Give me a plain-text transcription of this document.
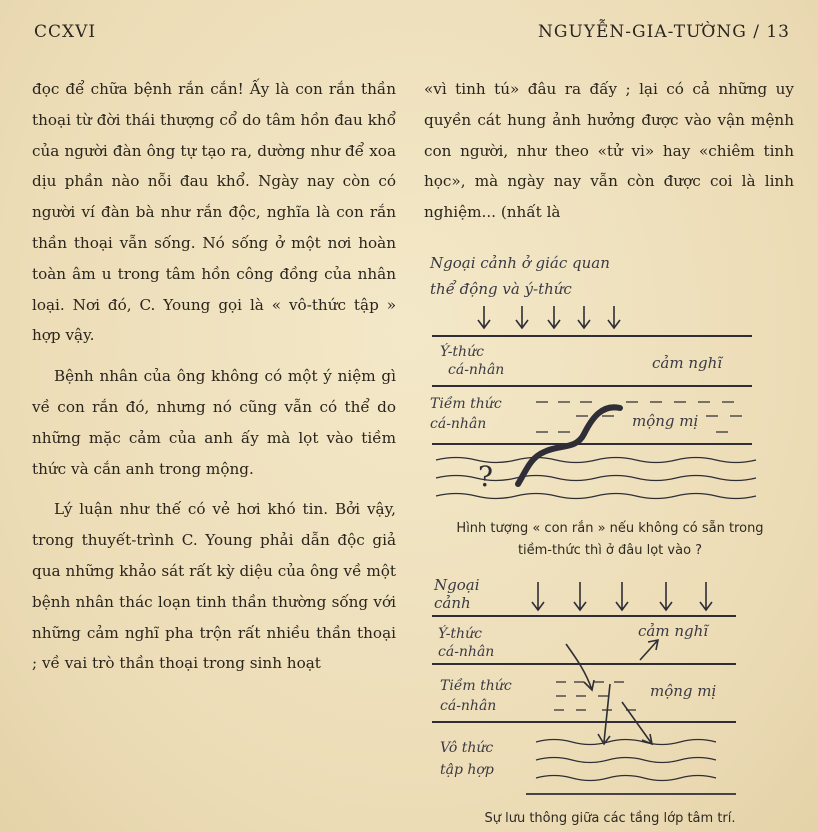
CCXVI	NGUYỄN-GIA-TƯỜNG / 13

đọc để chữa bệnh rắn cắn! Ấy là con rắn thần thoại từ đời thái thượng cổ do tâm hồn đau khổ của người đàn ông tự tạo ra, dường như để xoa dịu phần nào nỗi đau khổ. Ngày nay còn có người ví đàn bà như rắn độc, nghĩa là con rắn thần thoại vẫn sống. Nó sống ở một nơi hoàn toàn âm u trong tâm hồn công đồng của nhân loại. Nơi đó, C. Young gọi là « vô-thức tập » hợp vậy.

Bệnh nhân của ông không có một ý niệm gì về con rắn đó, nhưng nó cũng vẫn có thể do những mặc cảm của anh ấy mà lọt vào tiềm thức và cắn anh trong mộng.

Lý luận như thế có vẻ hơi khó tin. Bởi vậy, trong thuyết-trình C. Young phải dẫn độc giả qua những khảo sát rất kỳ diệu của ông về một bệnh nhân thác loạn tinh thần thường sống với những cảm nghĩ pha trộn rất nhiều thần thoại ; về vai trò thần thoại trong sinh hoạt

«vì tinh tú» đâu ra đấy ; lại có cả những uy quyền cát hung ảnh hưởng được vào vận mệnh con người, như theo «tử vi» hay «chiêm tinh học», mà ngày nay vẫn còn được coi là linh nghiệm... (nhất là

Ngoại cảnh ở giác quan
thể động và ý-thức
Ý-thức
cá-nhân	cảm nghĩ
Tiềm thức
cá-nhân	mộng mị
?
Hình tượng « con rắn » nếu không có sẵn trong
tiềm-thức thì ở đâu lọt vào ?
Ngoại
cảnh
Ý-thức
cá-nhân
cảm nghĩ
Tiềm thức
cá-nhân
mộng mị
Vô thức
tập hợp
Sự lưu thông giữa các tầng lớp tâm trí.
